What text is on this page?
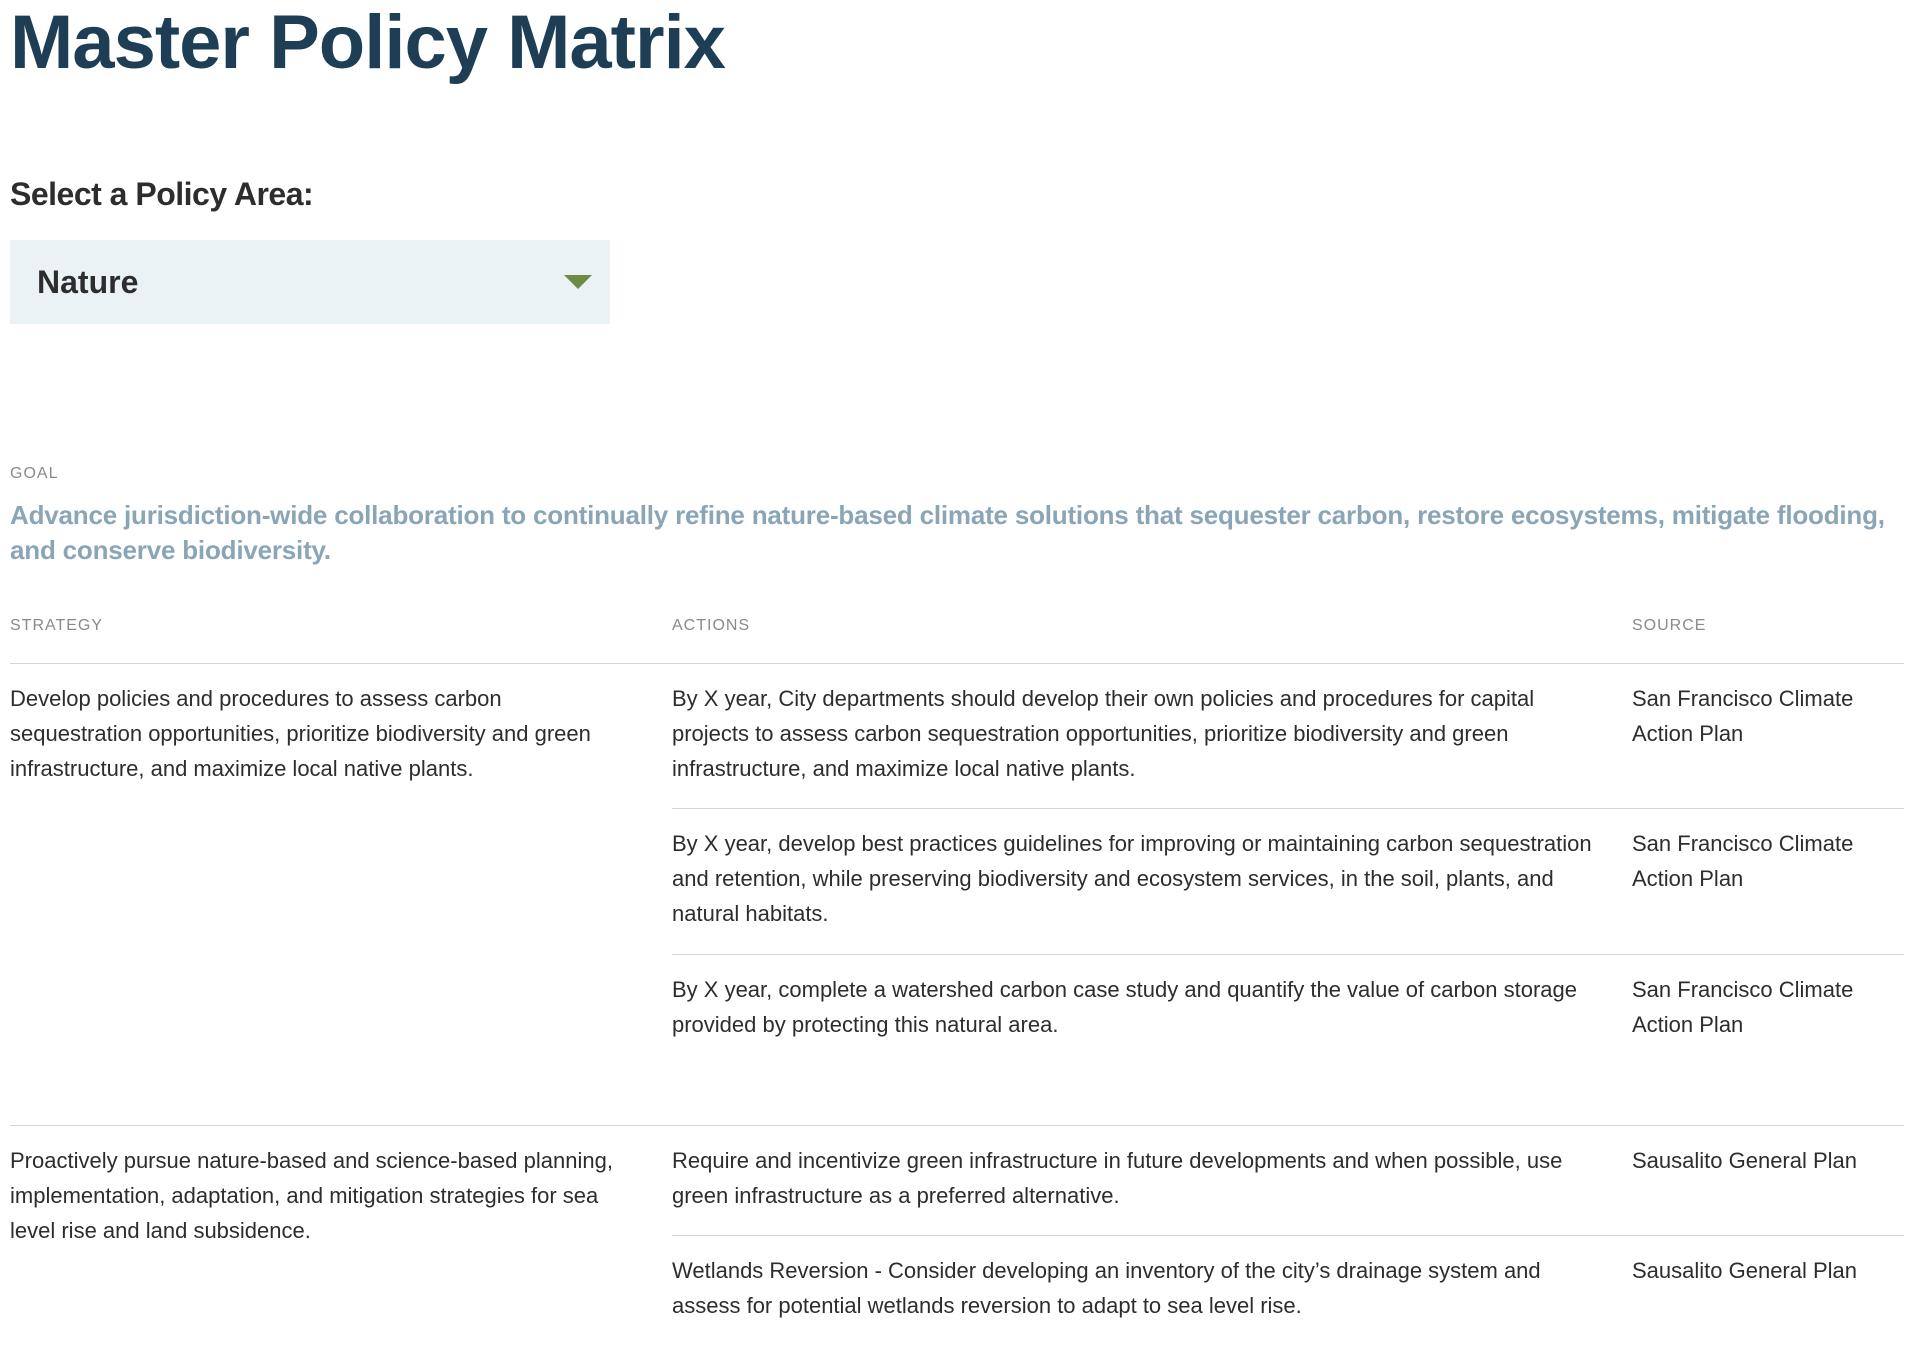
Master Policy Matrix
Select a Policy Area:
Nature
GOAL
Advance jurisdiction-wide collaboration to continually refine nature-based climate solutions that sequester carbon, restore ecosystems, mitigate flooding, and conserve biodiversity.
STRATEGY	ACTIONS	SOURCE
Develop policies and procedures to assess carbon sequestration opportunities, prioritize biodiversity and green infrastructure, and maximize local native plants.
By X year, City departments should develop their own policies and procedures for capital projects to assess carbon sequestration opportunities, prioritize biodiversity and green infrastructure, and maximize local native plants.
San Francisco Climate Action Plan
By X year, develop best practices guidelines for improving or maintaining carbon sequestration and retention, while preserving biodiversity and ecosystem services, in the soil, plants, and natural habitats.
San Francisco Climate Action Plan
By X year, complete a watershed carbon case study and quantify the value of carbon storage provided by protecting this natural area.
San Francisco Climate Action Plan
Proactively pursue nature-based and science-based planning, implementation, adaptation, and mitigation strategies for sea level rise and land subsidence.
Require and incentivize green infrastructure in future developments and when possible, use green infrastructure as a preferred alternative.
Sausalito General Plan
Wetlands Reversion - Consider developing an inventory of the city’s drainage system and assess for potential wetlands reversion to adapt to sea level rise.
Sausalito General Plan
